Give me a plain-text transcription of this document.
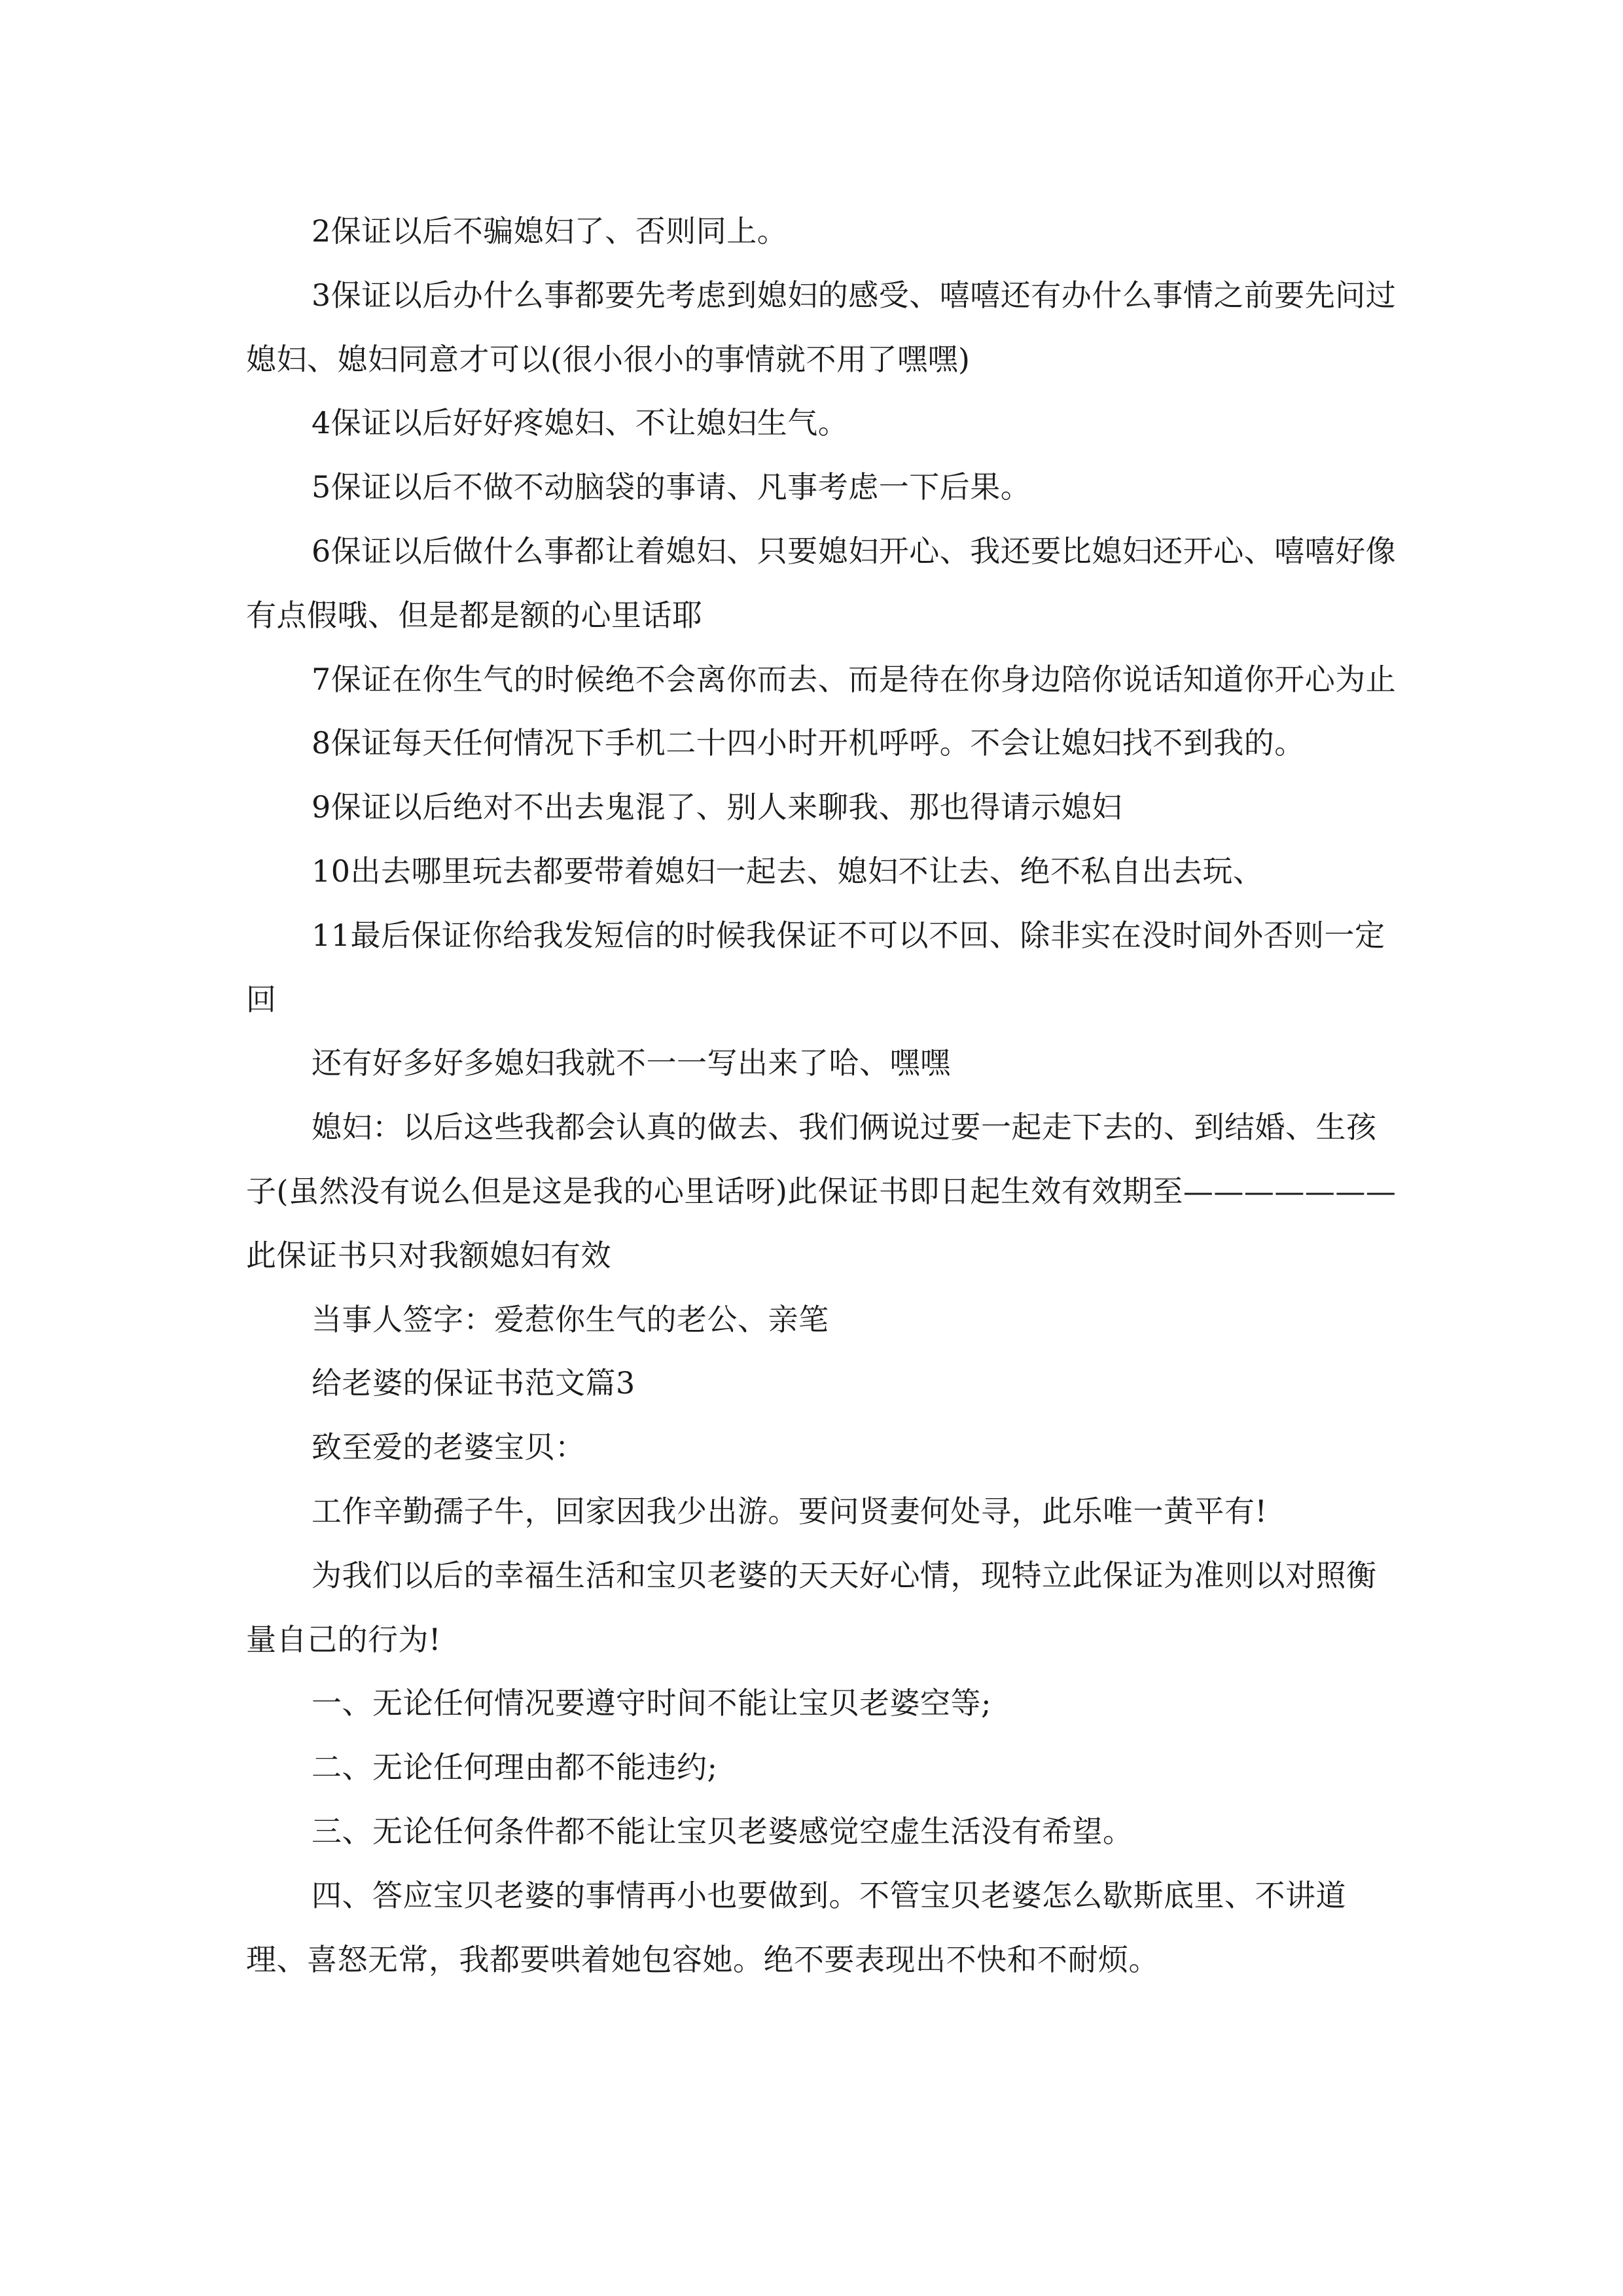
2保证以后不骗媳妇了、否则同上。

3保证以后办什么事都要先考虑到媳妇的感受、嘻嘻还有办什么事情之前要先问过媳妇、媳妇同意才可以(很小很小的事情就不用了嘿嘿)

4保证以后好好疼媳妇、不让媳妇生气。

5保证以后不做不动脑袋的事请、凡事考虑一下后果。

6保证以后做什么事都让着媳妇、只要媳妇开心、我还要比媳妇还开心、嘻嘻好像有点假哦、但是都是额的心里话耶

7保证在你生气的时候绝不会离你而去、而是待在你身边陪你说话知道你开心为止

8保证每天任何情况下手机二十四小时开机呼呼。不会让媳妇找不到我的。

9保证以后绝对不出去鬼混了、别人来聊我、那也得请示媳妇

10出去哪里玩去都要带着媳妇一起去、媳妇不让去、绝不私自出去玩、

11最后保证你给我发短信的时候我保证不可以不回、除非实在没时间外否则一定回

还有好多好多媳妇我就不一一写出来了哈、嘿嘿

媳妇：以后这些我都会认真的做去、我们俩说过要一起走下去的、到结婚、生孩子(虽然没有说么但是这是我的心里话呀)此保证书即日起生效有效期至———————此保证书只对我额媳妇有效

当事人签字：爱惹你生气的老公、亲笔

给老婆的保证书范文篇3

致至爱的老婆宝贝：

工作辛勤孺子牛，回家因我少出游。要问贤妻何处寻，此乐唯一黄平有!

为我们以后的幸福生活和宝贝老婆的天天好心情，现特立此保证为准则以对照衡量自己的行为!

一、无论任何情况要遵守时间不能让宝贝老婆空等;

二、无论任何理由都不能违约;

三、无论任何条件都不能让宝贝老婆感觉空虚生活没有希望。

四、答应宝贝老婆的事情再小也要做到。不管宝贝老婆怎么歇斯底里、不讲道理、喜怒无常，我都要哄着她包容她。绝不要表现出不快和不耐烦。
